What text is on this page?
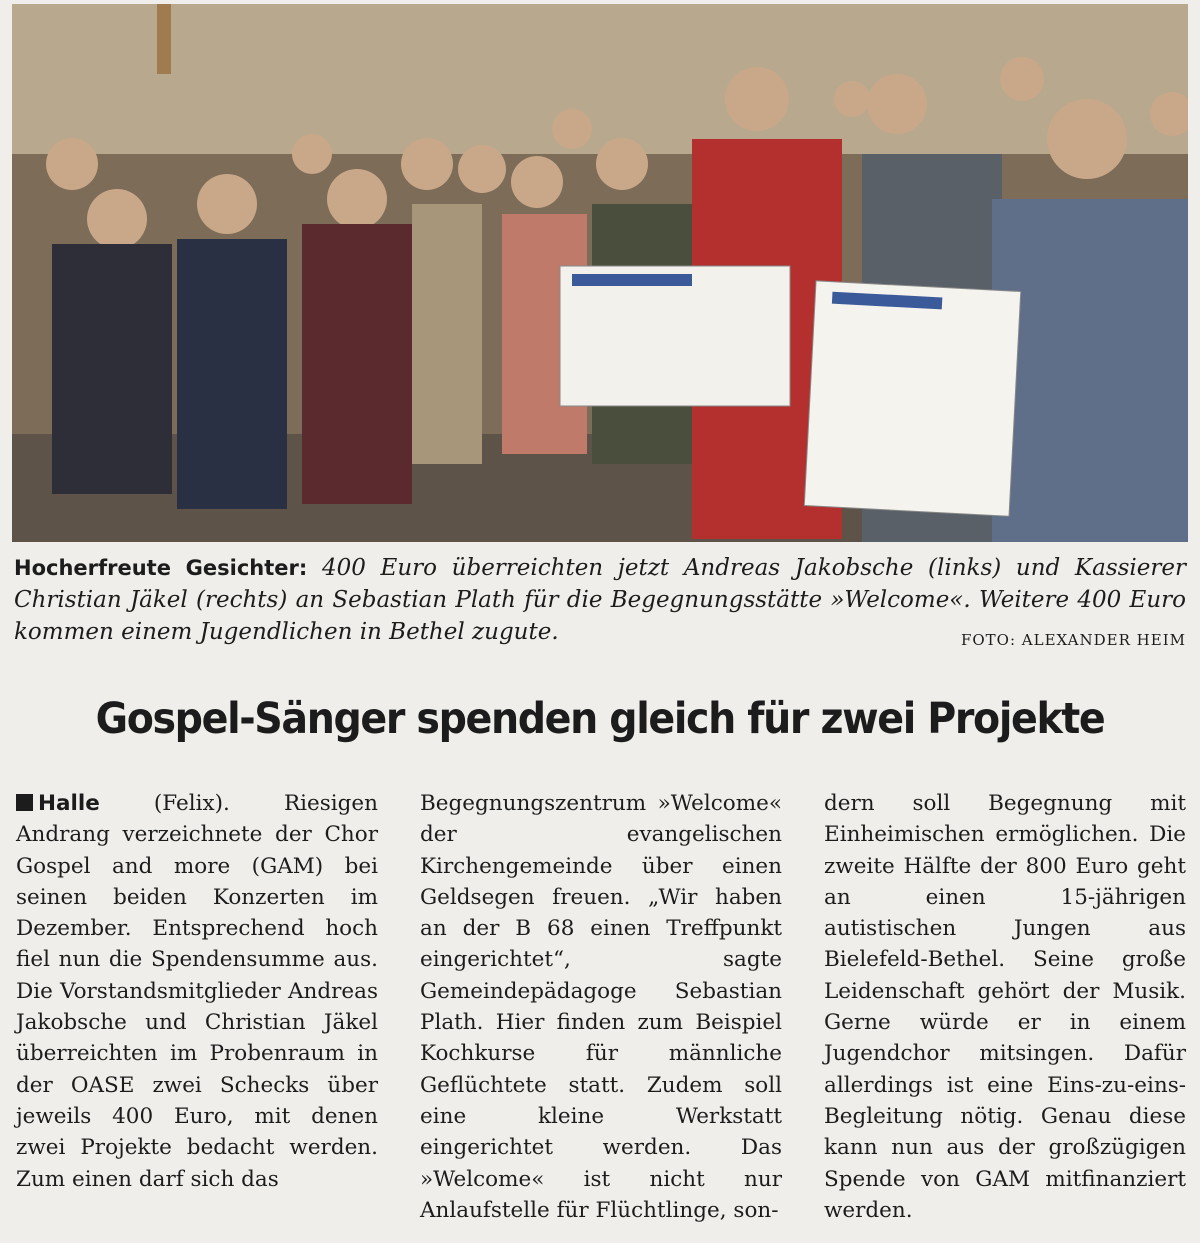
Hocherfreute Gesichter: 400 Euro überreichten jetzt Andreas Jakobsche (links) und Kassierer Christian Jäkel (rechts) an Sebastian Plath für die Begegnungsstätte »Welcome«. Weitere 400 Euro kommen einem Jugendlichen in Bethel zugute.	FOTO: ALEXANDER HEIM
Gospel-Sänger spenden gleich für zwei Projekte
Halle (Felix). Riesigen Andrang verzeichnete der Chor Gospel and more (GAM) bei seinen beiden Konzerten im Dezember. Entsprechend hoch fiel nun die Spendensumme aus. Die Vorstandsmitglieder Andreas Jakobsche und Christian Jäkel überreichten im Probenraum in der OASE zwei Schecks über jeweils 400 Euro, mit denen zwei Projekte bedacht werden. Zum einen darf sich das
Begegnungszentrum »Welcome« der evangelischen Kirchengemeinde über einen Geldsegen freuen. „Wir haben an der B 68 einen Treffpunkt eingerichtet“, sagte Gemeindepädagoge Sebastian Plath. Hier finden zum Beispiel Kochkurse für männliche Geflüchtete statt. Zudem soll eine kleine Werkstatt eingerichtet werden. Das »Welcome« ist nicht nur Anlaufstelle für Flüchtlinge, son-
dern soll Begegnung mit Einheimischen ermöglichen. Die zweite Hälfte der 800 Euro geht an einen 15-jährigen autistischen Jungen aus Bielefeld-Bethel. Seine große Leidenschaft gehört der Musik. Gerne würde er in einem Jugendchor mitsingen. Dafür allerdings ist eine Eins-zu-eins-Begleitung nötig. Genau diese kann nun aus der großzügigen Spende von GAM mitfinanziert werden.
